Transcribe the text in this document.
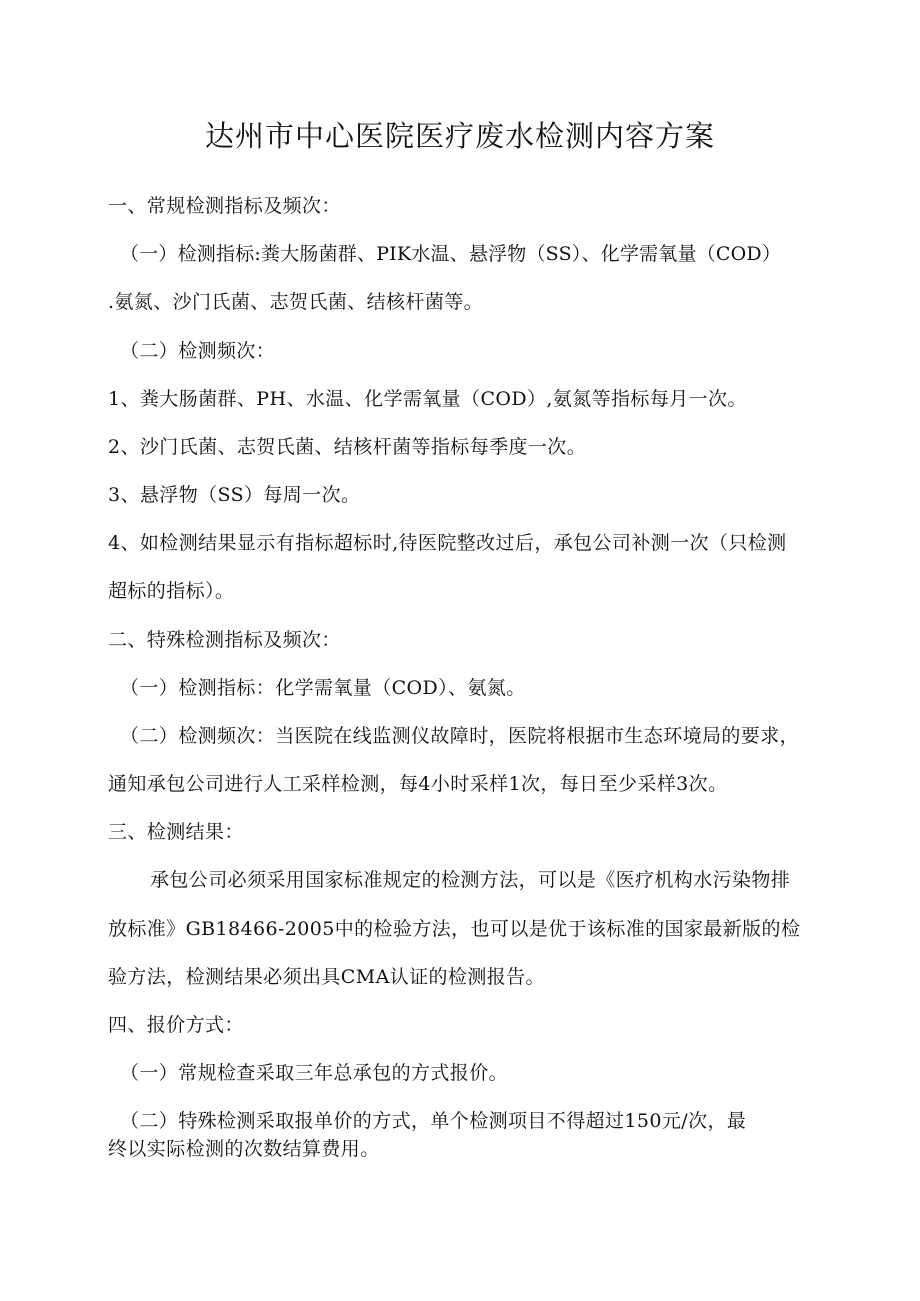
达州市中心医院医疗废水检测内容方案
一、常规检测指标及频次：
（一）检测指标:粪大肠菌群、PIK水温、悬浮物（SS）、化学需氧量（COD）
.氨氮、沙门氏菌、志贺氏菌、结核杆菌等。
（二）检测频次：
1、粪大肠菌群、PH、水温、化学需氧量（COD）,氨氮等指标每月一次。
2、沙门氏菌、志贺氏菌、结核杆菌等指标每季度一次。
3、悬浮物（SS）每周一次。
4、如检测结果显示有指标超标时,待医院整改过后，承包公司补测一次（只检测
超标的指标）。
二、特殊检测指标及频次：
（一）检测指标：化学需氧量（COD）、氨氮。
（二）检测频次：当医院在线监测仪故障时，医院将根据市生态环境局的要求，
通知承包公司进行人工采样检测，每4小时采样1次，每日至少采样3次。
三、检测结果：
承包公司必须采用国家标准规定的检测方法，可以是《医疗机构水污染物排
放标准》GB18466-2005中的检验方法，也可以是优于该标准的国家最新版的检
验方法，检测结果必须出具CMA认证的检测报告。
四、报价方式：
（一）常规检查采取三年总承包的方式报价。
（二）特殊检测采取报单价的方式，单个检测项目不得超过150元/次，最
终以实际检测的次数结算费用。
